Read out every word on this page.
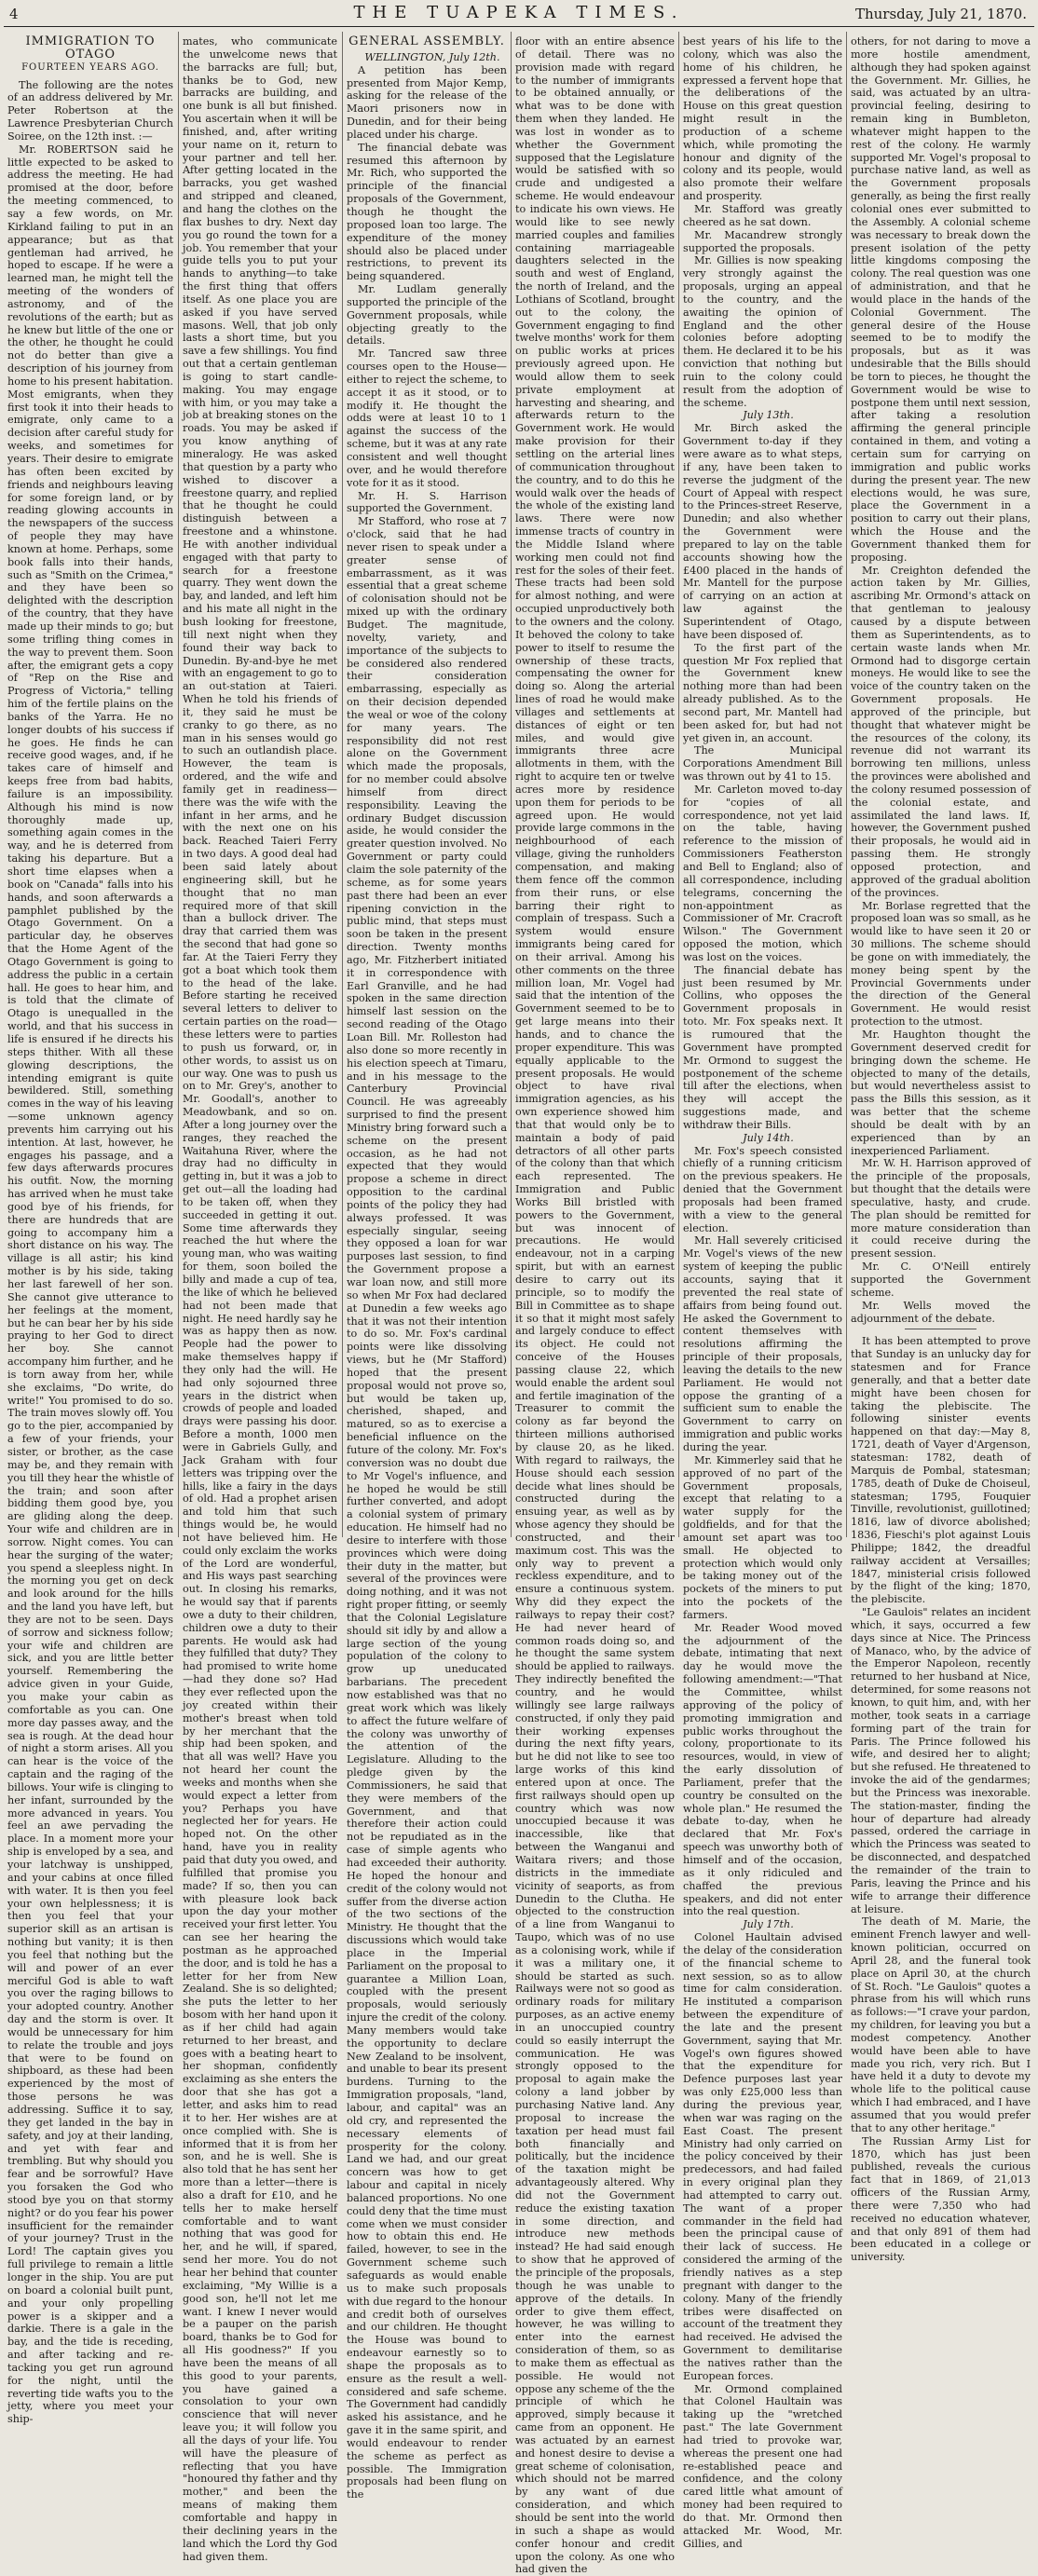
4	THE TUAPEKA TIMES.	Thursday, July 21, 1870.

IMMIGRATION TO OTAGO

FOURTEEN YEARS AGO.

The following are the notes of an address delivered by Mr. Peter Robertson at the Lawrence Presbyterian Church Soiree, on the 12th inst. :—

Mr. ROBERTSON said he little expected to be asked to address the meeting. He had promised at the door, before the meeting commenced, to say a few words, on Mr. Kirkland failing to put in an appearance; but as that gentleman had arrived, he hoped to escape. If he were a learned man, he might tell the meeting of the wonders of astronomy, and of the revolutions of the earth; but as he knew but little of the one or the other, he thought he could not do better than give a description of his journey from home to his present habitation. Most emigrants, when they first took it into their heads to emigrate, only came to a decision after careful study for weeks, and sometimes for years. Their desire to emigrate has often been excited by friends and neighbours leaving for some foreign land, or by reading glowing accounts in the newspapers of the success of people they may have known at home. Perhaps, some book falls into their hands, such as "Smith on the Crimea," and they have been so delighted with the description of the country, that they have made up their minds to go; but some trifling thing comes in the way to prevent them. Soon after, the emigrant gets a copy of "Rep on the Rise and Progress of Victoria," telling him of the fertile plains on the banks of the Yarra. He no longer doubts of his success if he goes. He finds he can receive good wages, and, if he takes care of himself and keeps free from bad habits, failure is an impossibility. Although his mind is now thoroughly made up, something again comes in the way, and he is deterred from taking his departure. But a short time elapses when a book on "Canada" falls into his hands, and soon afterwards a pamphlet published by the Otago Government. On a particular day, he observes that the Home Agent of the Otago Government is going to address the public in a certain hall. He goes to hear him, and is told that the climate of Otago is unequalled in the world, and that his success in life is ensured if he directs his steps thither. With all these glowing descriptions, the intending emigrant is quite bewildered. Still, something comes in the way of his leaving—some unknown agency prevents him carrying out his intention. At last, however, he engages his passage, and a few days afterwards procures his outfit. Now, the morning has arrived when he must take good bye of his friends, for there are hundreds that are going to accompany him a short distance on his way. The village is all astir; his kind mother is by his side, taking her last farewell of her son. She cannot give utterance to her feelings at the moment, but he can bear her by his side praying to her God to direct her boy. She cannot accompany him further, and he is torn away from her, while she exclaims, "Do write, do write!" You promised to do so. The train moves slowly off. You go to the pier, accompanied by a few of your friends, your sister, or brother, as the case may be, and they remain with you till they hear the whistle of the train; and soon after bidding them good bye, you are gliding along the deep. Your wife and children are in sorrow. Night comes. You can hear the surging of the water; you spend a sleepless night. In the morning you get on deck and look around for the hills and the land you have left, but they are not to be seen. Days of sorrow and sickness follow; your wife and children are sick, and you are little better yourself. Remembering the advice given in your Guide, you make your cabin as comfortable as you can. One more day passes away, and the sea is rough. At the dead hour of night a storm arises. All you can hear is the voice of the captain and the raging of the billows. Your wife is clinging to her infant, surrounded by the more advanced in years. You feel an awe pervading the place. In a moment more your ship is enveloped by a sea, and your latchway is unshipped, and your cabins at once filled with water. It is then you feel your own helplessness; it is then you feel that your superior skill as an artisan is nothing but vanity; it is then you feel that nothing but the will and power of an ever merciful God is able to waft you over the raging billows to your adopted country. Another day and the storm is over. It would be unnecessary for him to relate the trouble and joys that were to be found on shipboard, as these had been experienced by the most of those persons he was addressing. Suffice it to say, they get landed in the bay in safety, and joy at their landing, and yet with fear and trembling. But why should you fear and be sorrowful? Have you forsaken the God who stood bye you on that stormy night? or do you fear his power insufficient for the remainder of your journey? Trust in the Lord! The captain gives you full privilege to remain a little longer in the ship. You are put on board a colonial built punt, and your only propelling power is a skipper and a darkie. There is a gale in the bay, and the tide is receding, and after tacking and re-tacking you get run aground for the night, until the reverting tide wafts you to the jetty, where you meet your ship-

mates, who communicate the unwelcome news that the barracks are full; but, thanks be to God, new barracks are building, and one bunk is all but finished. You ascertain when it will be finished, and, after writing your name on it, return to your partner and tell her. After getting located in the barracks, you get washed and stripped and cleaned, and hang the clothes on the flax bushes to dry. Next day you go round the town for a job. You remember that your guide tells you to put your hands to anything—to take the first thing that offers itself. As one place you are asked if you have served masons. Well, that job only lasts a short time, but you save a few shillings. You find out that a certain gentleman is going to start candle-making. You may engage with him, or you may take a job at breaking stones on the roads. You may be asked if you know anything of mineralogy. He was asked that question by a party who wished to discover a freestone quarry, and replied that he thought he could distinguish between a freestone and a whinstone. He with another individual engaged with that party to search for a freestone quarry. They went down the bay, and landed, and left him and his mate all night in the bush looking for freestone, till next night when they found their way back to Dunedin. By-and-bye he met with an engagement to go to an out-station at Taieri. When he told his friends of it, they said he must be cranky to go there, as no man in his senses would go to such an outlandish place. However, the team is ordered, and the wife and family get in readiness—there was the wife with the infant in her arms, and he with the next one on his back. Reached Taieri Ferry in two days. A good deal had been said lately about engineering skill, but he thought that no man required more of that skill than a bullock driver. The dray that carried them was the second that had gone so far. At the Taieri Ferry they got a boat which took them to the head of the lake. Before starting he received several letters to deliver to certain parties on the road—these letters were to parties to push us forward, or, in other words, to assist us on our way. One was to push us on to Mr. Grey's, another to Mr. Goodall's, another to Meadowbank, and so on. After a long journey over the ranges, they reached the Waitahuna River, where the dray had no difficulty in getting in, but it was a job to get out—all the loading had to be taken off, when they succeeded in getting it out. Some time afterwards they reached the hut where the young man, who was waiting for them, soon boiled the billy and made a cup of tea, the like of which he believed had not been made that night. He need hardly say he was as happy then as now. People had the power to make themselves happy if they only had the will. He had only sojourned three years in the district when crowds of people and loaded drays were passing his door. Before a month, 1000 men were in Gabriels Gully, and Jack Graham with four letters was tripping over the hills, like a fairy in the days of old. Had a prophet arisen and told him that such things would be, he would not have believed him. He could only exclaim the works of the Lord are wonderful, and His ways past searching out. In closing his remarks, he would say that if parents owe a duty to their children, children owe a duty to their parents. He would ask had they fulfilled that duty? They had promised to write home—had they done so? Had they ever reflected upon the joy created within their mother's breast when told by her merchant that the ship had been spoken, and that all was well? Have you not heard her count the weeks and months when she would expect a letter from you? Perhaps you have neglected her for years. He hoped not. On the other hand, have you in reality paid that duty you owed, and fulfilled that promise you made? If so, then you can with pleasure look back upon the day your mother received your first letter. You can see her hearing the postman as he approached the door, and is told he has a letter for her from New Zealand. She is so delighted; she puts the letter to her bosom with her hand upon it as if her child had again returned to her breast, and goes with a beating heart to her shopman, confidently exclaiming as she enters the door that she has got a letter, and asks him to read it to her. Her wishes are at once complied with. She is informed that it is from her son, and he is well. She is also told that he has sent her more than a letter—there is also a draft for £10, and he tells her to make herself comfortable and to want nothing that was good for her, and he will, if spared, send her more. You do not hear her behind that counter exclaiming, "My Willie is a good son, he'll not let me want. I knew I never would be a pauper on the parish board, thanks be to God for all His goodness?" If you have been the means of all this good to your parents, you have gained a consolation to your own conscience that will never leave you; it will follow you all the days of your life. You will have the pleasure of reflecting that you have "honoured thy father and thy mother," and been the means of making them comfortable and happy in their declining years in the land which the Lord thy God had given them.

GENERAL ASSEMBLY.

WELLINGTON, July 12th.

A petition has been presented from Major Kemp, asking for the release of the Maori prisoners now in Dunedin, and for their being placed under his charge.

The financial debate was resumed this afternoon by Mr. Rich, who supported the principle of the financial proposals of the Government, though he thought the proposed loan too large. The expenditure of the money should also be placed under restrictions, to prevent its being squandered.

Mr. Ludlam generally supported the principle of the Government proposals, while objecting greatly to the details.

Mr. Tancred saw three courses open to the House—either to reject the scheme, to accept it as it stood, or to modify it. He thought the odds were at least 10 to 1 against the success of the scheme, but it was at any rate consistent and well thought over, and he would therefore vote for it as it stood.

Mr. H. S. Harrison supported the Government.

Mr Stafford, who rose at 7 o'clock, said that he had never risen to speak under a greater sense of embarrassment, as it was essential that a great scheme of colonisation should not be mixed up with the ordinary Budget. The magnitude, novelty, variety, and importance of the subjects to be considered also rendered their consideration embarrassing, especially as on their decision depended the weal or woe of the colony for many years. The responsibility did not rest alone on the Government which made the proposals, for no member could absolve himself from direct responsibility. Leaving the ordinary Budget discussion aside, he would consider the greater question involved. No Government or party could claim the sole paternity of the scheme, as for some years past there had been an ever ripening conviction in the public mind, that steps must soon be taken in the present direction. Twenty months ago, Mr. Fitzherbert initiated it in correspondence with Earl Granville, and he had spoken in the same direction himself last session on the second reading of the Otago Loan Bill. Mr. Rolleston had also done so more recently in his election speech at Timaru, and in his message to the Canterbury Provincial Council. He was agreeably surprised to find the present Ministry bring forward such a scheme on the present occasion, as he had not expected that they would propose a scheme in direct opposition to the cardinal points of the policy they had always professed. It was especially singular, seeing they opposed a loan for war purposes last session, to find the Government propose a war loan now, and still more so when Mr Fox had declared at Dunedin a few weeks ago that it was not their intention to do so. Mr. Fox's cardinal points were like dissolving views, but he (Mr Stafford) hoped that the present proposal would not prove so, but would be taken up, cherished, shaped, and matured, so as to exercise a beneficial influence on the future of the colony. Mr. Fox's conversion was no doubt due to Mr Vogel's influence, and he hoped he would be still further converted, and adopt a colonial system of primary education. He himself had no desire to interfere with those provinces which were doing their duty in the matter, but several of the provinces were doing nothing, and it was not right proper fitting, or seemly that the Colonial Legislature should sit idly by and allow a large section of the young population of the colony to grow up uneducated barbarians. The precedent now established was that no great work which was likely to affect the future welfare of the colony was unworthy of the attention of the Legislature. Alluding to the pledge given by the Commissioners, he said that they were members of the Government, and that therefore their action could not be repudiated as in the case of simple agents who had exceeded their authority. He hoped the honour and credit of the colony would not suffer from the diverse action of the two sections of the Ministry. He thought that the discussions which would take place in the Imperial Parliament on the proposal to guarantee a Million Loan, coupled with the present proposals, would seriously injure the credit of the colony. Many members would take the opportunity to declare New Zealand to be insolvent, and unable to bear its present burdens. Turning to the Immigration proposals, "land, labour, and capital" was an old cry, and represented the necessary elements of prosperity for the colony. Land we had, and our great concern was how to get labour and capital in nicely balanced proportions. No one could deny that the time must come when we must consider how to obtain this end. He failed, however, to see in the Government scheme such safeguards as would enable us to make such proposals with due regard to the honour and credit both of ourselves and our children. He thought the House was bound to endeavour earnestly so to shape the proposals as to ensure as the result a well-considered and safe scheme. The Government had candidly asked his assistance, and he gave it in the same spirit, and would endeavour to render the scheme as perfect as possible. The Immigration proposals had been flung on the

floor with an entire absence of detail. There was no provision made with regard to the number of immigrants to be obtained annually, or what was to be done with them when they landed. He was lost in wonder as to whether the Government supposed that the Legislature would be satisfied with so crude and undigested a scheme. He would endeavour to indicate his own views. He would like to see newly married couples and families containing marriageable daughters selected in the south and west of England, the north of Ireland, and the Lothians of Scotland, brought out to the colony, the Government engaging to find twelve months' work for them on public works at prices previously agreed upon. He would allow them to seek private employment at harvesting and shearing, and afterwards return to the Government work. He would make provision for their settling on the arterial lines of communication throughout the country, and to do this he would walk over the heads of the whole of the existing land laws. There were now immense tracts of country in the Middle Island where working men could not find rest for the soles of their feet. These tracts had been sold for almost nothing, and were occupied unproductively both to the owners and the colony. It behoved the colony to take power to itself to resume the ownership of these tracts, compensating the owner for doing so. Along the arterial lines of road he would make villages and settlements at distances of eight or ten miles, and would give immigrants three acre allotments in them, with the right to acquire ten or twelve acres more by residence upon them for periods to be agreed upon. He would provide large commons in the neighbourhood of each village, giving the runholders compensation, and making them fence off the common from their runs, or else barring their right to complain of trespass. Such a system would ensure immigrants being cared for on their arrival. Among his other comments on the three million loan, Mr. Vogel had said that the intention of the Government seemed to be to get large means into their hands, and to chance the proper expenditure. This was equally applicable to the present proposals. He would object to have rival immigration agencies, as his own experience showed him that that would only be to maintain a body of paid detractors of all other parts of the colony than that which each represented. The Immigration and Public Works Bill bristled with powers to the Government, but was innocent of precautions. He would endeavour, not in a carping spirit, but with an earnest desire to carry out its principle, so to modify the Bill in Committee as to shape it so that it might most safely and largely conduce to effect its object. He could not conceive of the Houses passing clause 22, which would enable the ardent soul and fertile imagination of the Treasurer to commit the colony as far beyond the thirteen millions authorised by clause 20, as he liked. With regard to railways, the House should each session decide what lines should be constructed during the ensuing year, as well as by whose agency they should be constructed, and their maximum cost. This was the only way to prevent a reckless expenditure, and to ensure a continuous system. Why did they expect the railways to repay their cost? He had never heard of common roads doing so, and he thought the same system should be applied to railways. They indirectly benefited the country, and he would willingly see large railways constructed, if only they paid their working expenses during the next fifty years, but he did not like to see too large works of this kind entered upon at once. The first railways should open up country which was now unoccupied because it was inaccessible, like that between the Wanganui and Waitara rivers; and those districts in the immediate vicinity of seaports, as from Dunedin to the Clutha. He objected to the construction of a line from Wanganui to Taupo, which was of no use as a colonising work, while if it was a military one, it should be started as such. Railways were not so good as ordinary roads for military purposes, as an active enemy in an unoccupied country could so easily interrupt the communication. He was strongly opposed to the proposal to again make the colony a land jobber by purchasing Native land. Any proposal to increase the taxation per head must fail both financially and politically, but the incidence of the taxation might be advantageously altered. Why did not the Government reduce the existing taxation in some direction, and introduce new methods instead? He had said enough to show that he approved of the principle of the proposals, though he was unable to approve of the details. In order to give them effect, however, he was willing to enter into the earnest consideration of them, so as to make them as effectual as possible. He would not oppose any scheme of the the principle of which he approved, simply because it came from an opponent. He was actuated by an earnest and honest desire to devise a great scheme of colonisation, which should not be marred by any want of due consideration, and which should be sent into the world in such a shape as would confer honour and credit upon the colony. As one who had given the

best years of his life to the colony, which was also the home of his children, he expressed a fervent hope that the deliberations of the House on this great question might result in the production of a scheme which, while promoting the honour and dignity of the colony and its people, would also promote their welfare and prosperity.

Mr. Stafford was greatly cheered as he sat down.

Mr. Macandrew strongly supported the proposals.

Mr. Gillies is now speaking very strongly against the proposals, urging an appeal to the country, and the awaiting the opinion of England and the other colonies before adopting them. He declared it to be his conviction that nothing but ruin to the colony could result from the adoption of the scheme.

July 13th.

Mr. Birch asked the Government to-day if they were aware as to what steps, if any, have been taken to reverse the judgment of the Court of Appeal with respect to the Princes-street Reserve, Dunedin; and also whether the Government were prepared to lay on the table accounts showing how the £400 placed in the hands of Mr. Mantell for the purpose of carrying on an action at law against the Superintendent of Otago, have been disposed of.

To the first part of the question Mr Fox replied that the Government knew nothing more than had been already published. As to the second part, Mr. Mantell had been asked for, but had not yet given in, an account.

The Municipal Corporations Amendment Bill was thrown out by 41 to 15.

Mr. Carleton moved to-day for "copies of all correspondence, not yet laid on the table, having reference to the mission of Commissioners Featherston and Bell to England; also of all correspondence, including telegrams, concerning the non-appointment as Commissioner of Mr. Cracroft Wilson." The Government opposed the motion, which was lost on the voices.

The financial debate has just been resumed by Mr. Collins, who opposes the Government proposals in toto. Mr. Fox speaks next. It is rumoured that the Government have prompted Mr. Ormond to suggest the postponement of the scheme till after the elections, when they will accept the suggestions made, and withdraw their Bills.

July 14th.

Mr. Fox's speech consisted chiefly of a running criticism on the previous speakers. He denied that the Government proposals had been framed with a view to the general election.

Mr. Hall severely criticised Mr. Vogel's views of the new system of keeping the public accounts, saying that it prevented the real state of affairs from being found out. He asked the Government to content themselves with resolutions affirming the principle of their proposals, leaving the details to the new Parliament. He would not oppose the granting of a sufficient sum to enable the Government to carry on immigration and public works during the year.

Mr. Kimmerley said that he approved of no part of the Government proposals, except that relating to a water supply for the goldfields, and for that the amount set apart was too small. He objected to protection which would only be taking money out of the pockets of the miners to put into the pockets of the farmers.

Mr. Reader Wood moved the adjournment of the debate, intimating that next day he would move the following amendment:—"That the Committee, whilst approving of the policy of promoting immigration and public works throughout the colony, proportionate to its resources, would, in view of the early dissolution of Parliament, prefer that the country be consulted on the whole plan." He resumed the debate to-day, when he declared that Mr. Fox's speech was unworthy both of himself and of the occasion, as it only ridiculed and chaffed the previous speakers, and did not enter into the real question.

July 17th.

Colonel Haultain advised the delay of the consideration of the financial scheme to next session, so as to allow time for calm consideration. He instituted a comparison between the expenditure of the late and the present Government, saying that Mr. Vogel's own figures showed that the expenditure for Defence purposes last year was only £25,000 less than during the previous year, when war was raging on the East Coast. The present Ministry had only carried on the policy conceived by their predecessors, and had failed in every original plan they had attempted to carry out. The want of a proper commander in the field had been the principal cause of their lack of success. He considered the arming of the friendly natives as a step pregnant with danger to the colony. Many of the friendly tribes were disaffected on account of the treatment they had received. He advised the Government to demilitarise the natives rather than the European forces.

Mr. Ormond complained that Colonel Haultain was taking up the "wretched past." The late Government had tried to provoke war, whereas the present one had re-established peace and confidence, and the colony cared little what amount of money had been required to do that. Mr. Ormond then attacked Mr. Wood, Mr. Gillies, and

others, for not daring to move a more hostile amendment, although they had spoken against the Government. Mr. Gillies, he said, was actuated by an ultra-provincial feeling, desiring to remain king in Bumbleton, whatever might happen to the rest of the colony. He warmly supported Mr. Vogel's proposal to purchase native land, as well as the Government proposals generally, as being the first really colonial ones ever submitted to the Assembly. A colonial scheme was necessary to break down the present isolation of the petty little kingdoms composing the colony. The real question was one of administration, and that he would place in the hands of the Colonial Government. The general desire of the House seemed to be to modify the proposals, but as it was undesirable that the Bills should be torn to pieces, he thought the Government would be wise to postpone them until next session, after taking a resolution affirming the general principle contained in them, and voting a certain sum for carrying on immigration and public works during the present year. The new elections would, he was sure, place the Government in a position to carry out their plans, which the House and the Government thanked them for proposing.

Mr. Creighton defended the action taken by Mr. Gillies, ascribing Mr. Ormond's attack on that gentleman to jealousy caused by a dispute between them as Superintendents, as to certain waste lands when Mr. Ormond had to disgorge certain moneys. He would like to see the voice of the country taken on the Government proposals. He approved of the principle, but thought that whatever might be the resources of the colony, its revenue did not warrant its borrowing ten millions, unless the provinces were abolished and the colony resumed possession of the colonial estate, and assimilated the land laws. If, however, the Government pushed their proposals, he would aid in passing them. He strongly opposed protection, and approved of the gradual abolition of the provinces.

Mr. Borlase regretted that the proposed loan was so small, as he would like to have seen it 20 or 30 millions. The scheme should be gone on with immediately, the money being spent by the Provincial Governments under the direction of the General Government. He would resist protection to the utmost.

Mr. Haughton thought the Government deserved credit for bringing down the scheme. He objected to many of the details, but would nevertheless assist to pass the Bills this session, as it was better that the scheme should be dealt with by an experienced than by an inexperienced Parliament.

Mr. W. H. Harrison approved of the principle of the proposals, but thought that the details were speculative, hasty, and crude. The plan should be remitted for more mature consideration than it could receive during the present session.

Mr. C. O'Neill entirely supported the Government scheme.

Mr. Wells moved the adjournment of the debate.

It has been attempted to prove that Sunday is an unlucky day for statesmen and for France generally, and that a better date might have been chosen for taking the plebiscite. The following sinister events happened on that day:—May 8, 1721, death of Vayer d'Argenson, statesman: 1782, death of Marquis de Pombal, statesman; 1785, death of Duke de Choiseul, statesman; 1795, Fouquier Tinville, revolutionist, guillotined; 1816, law of divorce abolished; 1836, Fieschi's plot against Louis Philippe; 1842, the dreadful railway accident at Versailles; 1847, ministerial crisis followed by the flight of the king; 1870, the plebiscite.

"Le Gaulois" relates an incident which, it says, occurred a few days since at Nice. The Princess of Manaco, who, by the advice of the Emperor Napoleon, recently returned to her husband at Nice, determined, for some reasons not known, to quit him, and, with her mother, took seats in a carriage forming part of the train for Paris. The Prince followed his wife, and desired her to alight; but she refused. He threatened to invoke the aid of the gendarmes; but the Princess was inexorable. The station-master, finding the hour of departure had already passed, ordered the carriage in which the Princess was seated to be disconnected, and despatched the remainder of the train to Paris, leaving the Prince and his wife to arrange their difference at leisure.

The death of M. Marie, the eminent French lawyer and well-known politician, occurred on April 28, and the funeral took place on April 30, at the church of St. Roch. "Le Gaulois" quotes a phrase from his will which runs as follows:—"I crave your pardon, my children, for leaving you but a modest competency. Another would have been able to have made you rich, very rich. But I have held it a duty to devote my whole life to the political cause which I had embraced, and I have assumed that you would prefer that to any other heritage."

The Russian Army List for 1870, which has just been published, reveals the curious fact that in 1869, of 21,013 officers of the Russian Army, there were 7,350 who had received no education whatever, and that only 891 of them had been educated in a college or university.
